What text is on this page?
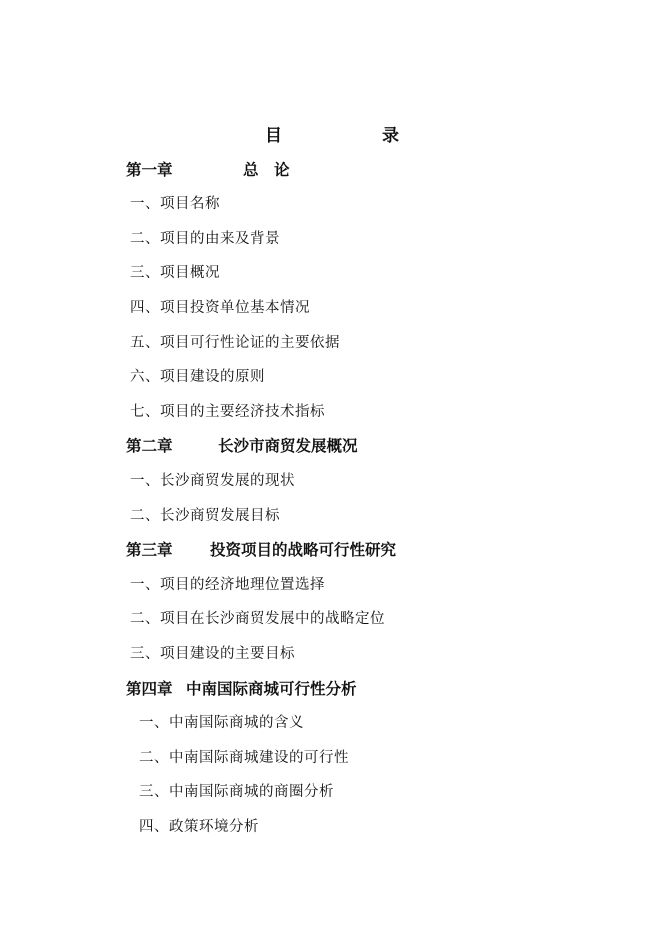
目	录
第一章	总　论
一、项目名称
二、项目的由来及背景
三、项目概况
四、项目投资单位基本情况
五、项目可行性论证的主要依据
六、项目建设的原则
七、项目的主要经济技术指标
第二章	长沙市商贸发展概况
一、长沙商贸发展的现状
二、长沙商贸发展目标
第三章 投资项目的战略可行性研究
一、项目的经济地理位置选择
二、项目在长沙商贸发展中的战略定位
三、项目建设的主要目标
第四章 中南国际商城可行性分析
一、中南国际商城的含义
二、中南国际商城建设的可行性
三、中南国际商城的商圈分析
四、政策环境分析
